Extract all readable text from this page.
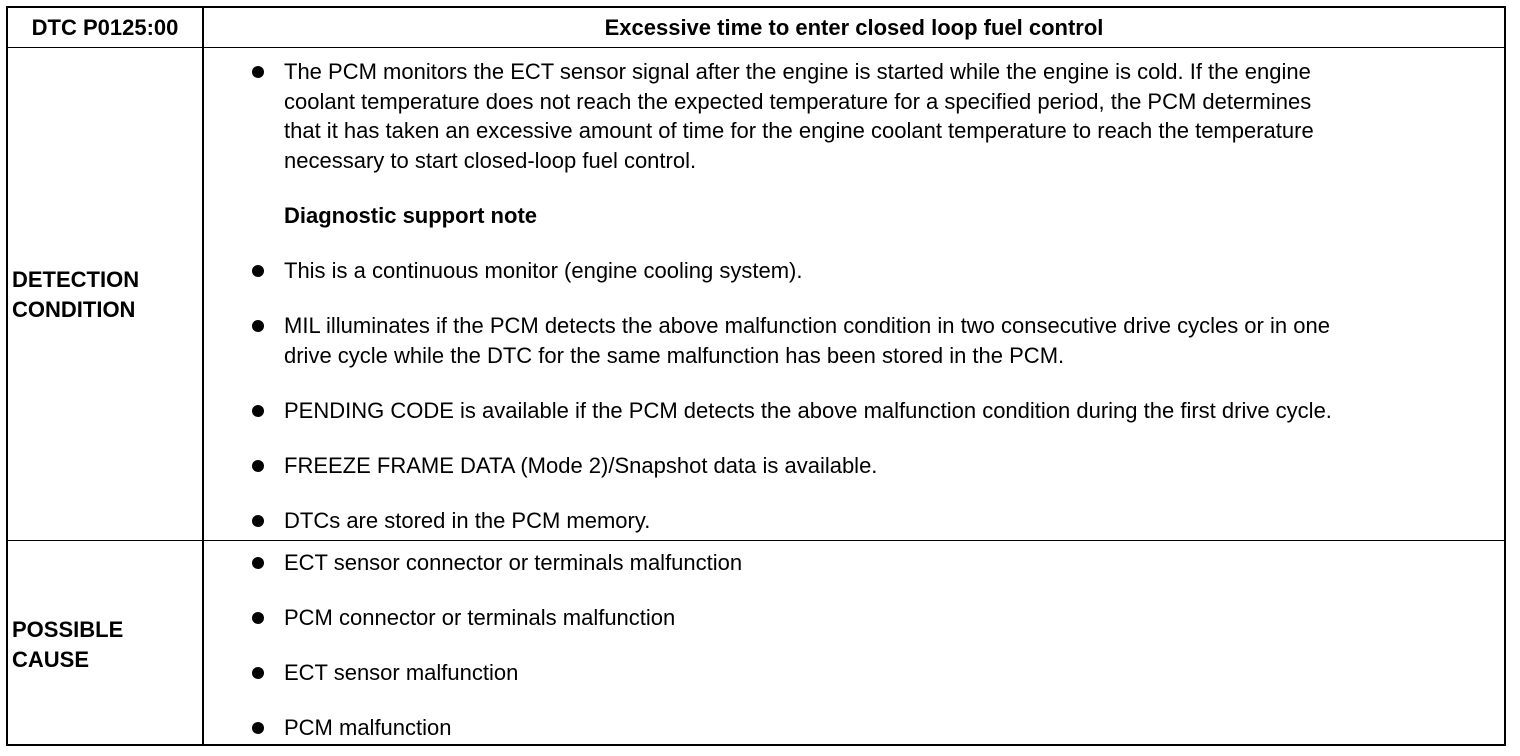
DTC P0125:00	Excessive time to enter closed loop fuel control
DETECTION
CONDITION
The PCM monitors the ECT sensor signal after the engine is started while the engine is cold. If the engine
coolant temperature does not reach the expected temperature for a specified period, the PCM determines
that it has taken an excessive amount of time for the engine coolant temperature to reach the temperature
necessary to start closed-loop fuel control.
Diagnostic support note
This is a continuous monitor (engine cooling system).
MIL illuminates if the PCM detects the above malfunction condition in two consecutive drive cycles or in one
drive cycle while the DTC for the same malfunction has been stored in the PCM.
PENDING CODE is available if the PCM detects the above malfunction condition during the first drive cycle.
FREEZE FRAME DATA (Mode 2)/Snapshot data is available.
DTCs are stored in the PCM memory.
POSSIBLE
CAUSE
ECT sensor connector or terminals malfunction
PCM connector or terminals malfunction
ECT sensor malfunction
PCM malfunction
